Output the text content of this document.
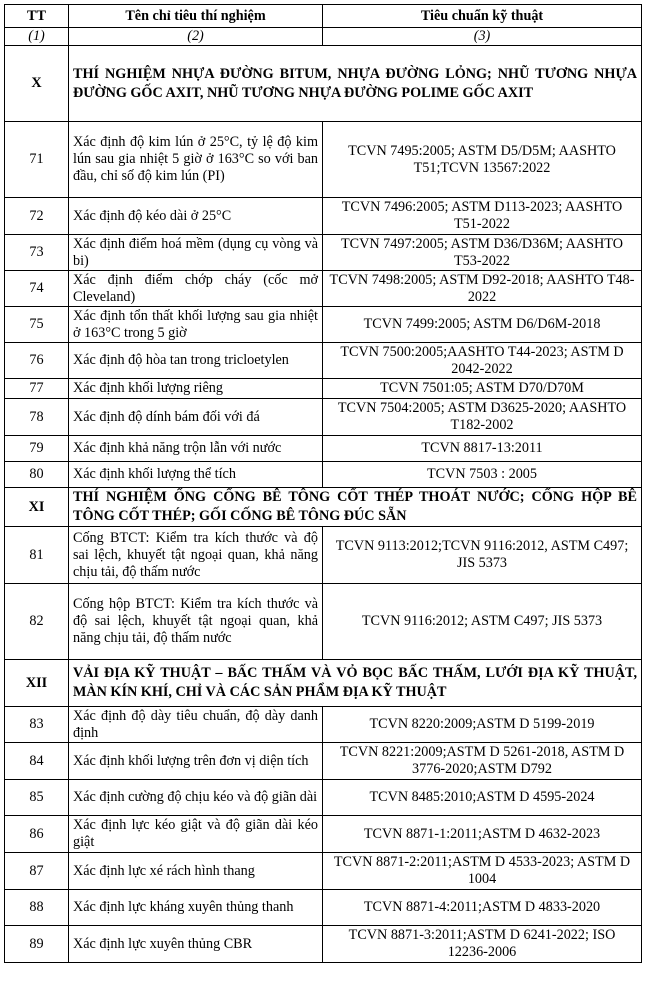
TT	Tên chỉ tiêu thí nghiệm	Tiêu chuẩn kỹ thuật
(1)	(2)	(3)
X	THÍ NGHIỆM NHỰA ĐƯỜNG BITUM, NHỰA ĐƯỜNG LỎNG; NHŨ TƯƠNG NHỰA ĐƯỜNG GỐC AXIT, NHŨ TƯƠNG NHỰA ĐƯỜNG POLIME GỐC AXIT	
71	Xác định độ kim lún ở 25°C, tỷ lệ độ kim lún sau gia nhiệt 5 giờ ở 163°C so với ban đầu, chỉ số độ kim lún (PI)	TCVN 7495:2005; ASTM D5/D5M; AASHTO T51;TCVN 13567:2022
72	Xác định độ kéo dài ở 25°C	TCVN 7496:2005; ASTM D113-2023; AASHTO T51-2022
73	Xác định điểm hoá mềm (dụng cụ vòng và bi)	TCVN 7497:2005; ASTM D36/D36M; AASHTO T53-2022
74	Xác định điểm chớp cháy (cốc mở Cleveland)	TCVN 7498:2005; ASTM D92-2018; AASHTO T48-2022
75	Xác định tổn thất khối lượng sau gia nhiệt ở 163°C trong 5 giờ	TCVN 7499:2005; ASTM D6/D6M-2018
76	Xác định độ hòa tan trong tricloetylen	TCVN 7500:2005;AASHTO T44-2023; ASTM D 2042-2022
77	Xác định khối lượng riêng	TCVN 7501:05; ASTM D70/D70M
78	Xác định độ dính bám đối với đá	TCVN 7504:2005; ASTM D3625-2020; AASHTO T182-2002
79	Xác định khả năng trộn lẫn với nước	TCVN 8817-13:2011
80	Xác định khối lượng thể tích	TCVN 7503 : 2005
XI	THÍ NGHIỆM ỐNG CỐNG BÊ TÔNG CỐT THÉP THOÁT NƯỚC; CỐNG HỘP BÊ TÔNG CỐT THÉP; GỐI CỐNG BÊ TÔNG ĐÚC SẴN	
81	Cống BTCT: Kiểm tra kích thước và độ sai lệch, khuyết tật ngoại quan, khả năng chịu tải, độ thấm nước	TCVN 9113:2012;TCVN 9116:2012, ASTM C497; JIS 5373
82	Cống hộp BTCT: Kiểm tra kích thước và độ sai lệch, khuyết tật ngoại quan, khả năng chịu tải, độ thấm nước	TCVN 9116:2012; ASTM C497; JIS 5373
XII	VẢI ĐỊA KỸ THUẬT – BẤC THẤM VÀ VỎ BỌC BẤC THẤM, LƯỚI ĐỊA KỸ THUẬT, MÀN KÍN KHÍ, CHỈ VÀ CÁC SẢN PHẨM ĐỊA KỸ THUẬT	
83	Xác định độ dày tiêu chuẩn, độ dày danh định	TCVN 8220:2009;ASTM D 5199-2019
84	Xác định khối lượng trên đơn vị diện tích	TCVN 8221:2009;ASTM D 5261-2018, ASTM D 3776-2020;ASTM D792
85	Xác định cường độ chịu kéo và độ giãn dài	TCVN 8485:2010;ASTM D 4595-2024
86	Xác định lực kéo giật và độ giãn dài kéo giật	TCVN 8871-1:2011;ASTM D 4632-2023
87	Xác định lực xé rách hình thang	TCVN 8871-2:2011;ASTM D 4533-2023; ASTM D 1004
88	Xác định lực kháng xuyên thủng thanh	TCVN 8871-4:2011;ASTM D 4833-2020
89	Xác định lực xuyên thủng CBR	TCVN 8871-3:2011;ASTM D 6241-2022; ISO 12236-2006
